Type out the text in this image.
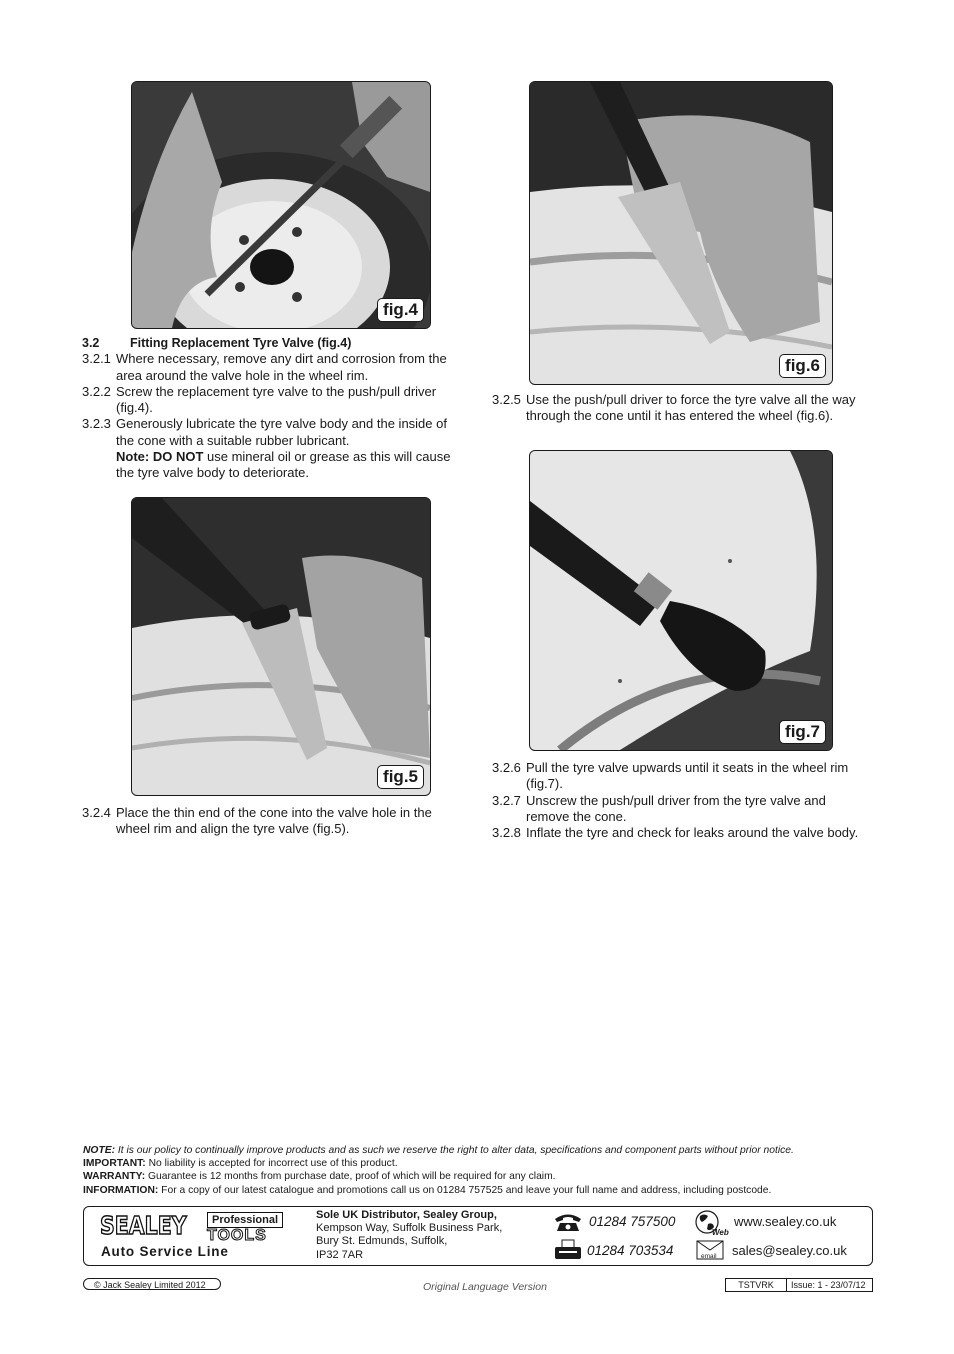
fig.4
3.2 Fitting Replacement Tyre Valve (fig.4)
3.2.1 Where necessary, remove any dirt and corrosion from the area around the valve hole in the wheel rim.
3.2.2 Screw the replacement tyre valve to the push/pull driver (fig.4).
3.2.3 Generously lubricate the tyre valve body and the inside of the cone with a suitable rubber lubricant.
Note: DO NOT use mineral oil or grease as this will cause the tyre valve body to deteriorate.
fig.5
3.2.4 Place the thin end of the cone into the valve hole in the wheel rim and align the tyre valve (fig.5).
fig.6
3.2.5 Use the push/pull driver to force the tyre valve all the way through the cone until it has entered the wheel (fig.6).
fig.7
3.2.6 Pull the tyre valve upwards until it seats in the wheel rim (fig.7).
3.2.7 Unscrew the push/pull driver from the tyre valve and remove the cone.
3.2.8 Inflate the tyre and check for leaks around the valve body.
NOTE: It is our policy to continually improve products and as such we reserve the right to alter data, specifications and component parts without prior notice.
IMPORTANT: No liability is accepted for incorrect use of this product.
WARRANTY: Guarantee is 12 months from purchase date, proof of which will be required for any claim.
INFORMATION: For a copy of our latest catalogue and promotions call us on 01284 757525 and leave your full name and address, including postcode.
SEALEY	Professional
TOOLS
Auto Service Line
Sole UK Distributor, Sealey Group,
Kempson Way, Suffolk Business Park,
Bury St. Edmunds, Suffolk,
IP32 7AR
01284 757500
01284 703534
Web
www.sealey.co.uk
email sales@sealey.co.uk
© Jack Sealey Limited 2012	Original Language Version	TSTVRK	Issue: 1 - 23/07/12
